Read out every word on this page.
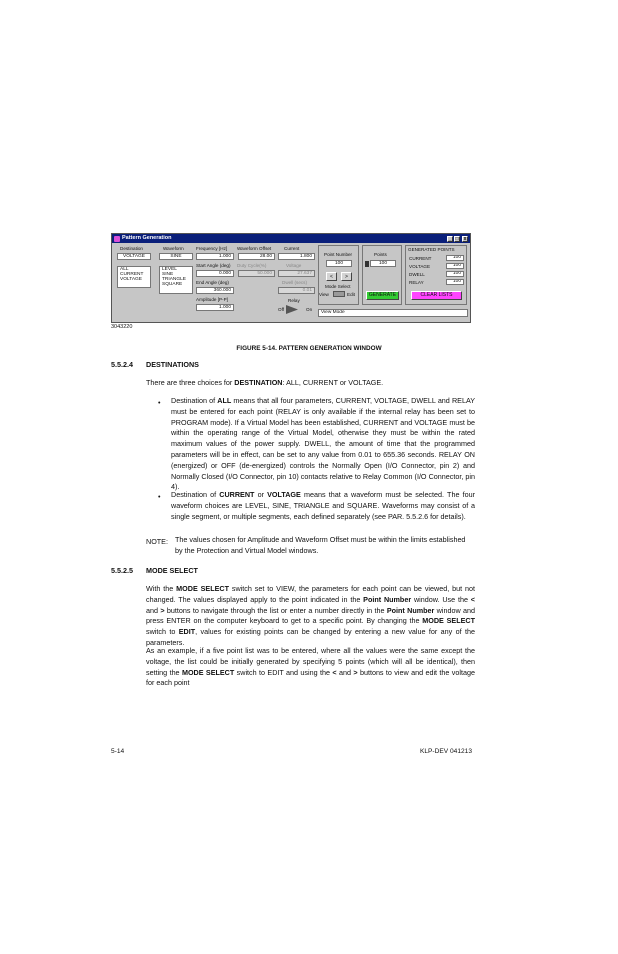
Pattern Generation	_ □	x
Destination
VOLTAGE
ALL
CURRENT
VOLTAGE
Waveform
SINE
LEVEL
SINE
TRIANGLE
SQUARE
Frequency [Hz]
1.000
Start Angle (deg)
0.000
End Angle (deg)
360.000
Amplitude [P-P]
1.000
Waveform Offset
28.00
Duty Cycle(%)
50.000
Current
1.800
Voltage
27.637
Dwell (secs)
0.01
Relay
Off	On
Point Number
100
<	>
Mode Select
View	Edit
Points
100
GENERATE
GENERATED POINTS
CURRENT	100
VOLTAGE	100
DWELL	100
RELAY	100
CLEAR LISTS
View Mode
3043220
FIGURE 5-14. PATTERN GENERATION WINDOW
5.5.2.4 DESTINATIONS

There are three choices for DESTINATION: ALL, CURRENT or VOLTAGE.

• Destination of ALL means that all four parameters, CURRENT, VOLTAGE, DWELL and RELAY must be entered for each point (RELAY is only available if the internal relay has been set to PROGRAM mode). If a Virtual Model has been established, CURRENT and VOLTAGE must be within the operating range of the Virtual Model, otherwise they must be within the rated maximum values of the power supply. DWELL, the amount of time that the programmed parameters will be in effect, can be set to any value from 0.01 to 655.36 seconds. RELAY ON (energized) or OFF (de-energized) controls the Normally Open (I/O Connector, pin 2) and Normally Closed (I/O Connector, pin 10) contacts relative to Relay Common (I/O Connector, pin 4).

• Destination of CURRENT or VOLTAGE means that a waveform must be selected. The four waveform choices are LEVEL, SINE, TRIANGLE and SQUARE. Waveforms may consist of a single segment, or multiple segments, each defined separately (see PAR. 5.5.2.6 for details).

NOTE: The values chosen for Amplitude and Waveform Offset must be within the limits established by the Protection and Virtual Model windows.

5.5.2.5 MODE SELECT

With the MODE SELECT switch set to VIEW, the parameters for each point can be viewed, but not changed. The values displayed apply to the point indicated in the Point Number window. Use the < and > buttons to navigate through the list or enter a number directly in the Point Number window and press ENTER on the computer keyboard to get to a specific point. By changing the MODE SELECT switch to EDIT, values for existing points can be changed by entering a new value for any of the parameters.

As an example, if a five point list was to be entered, where all the values were the same except the voltage, the list could be initially generated by specifying 5 points (which will all be identical), then setting the MODE SELECT switch to EDIT and using the < and > buttons to view and edit the voltage for each point

5-14	KLP-DEV 041213
